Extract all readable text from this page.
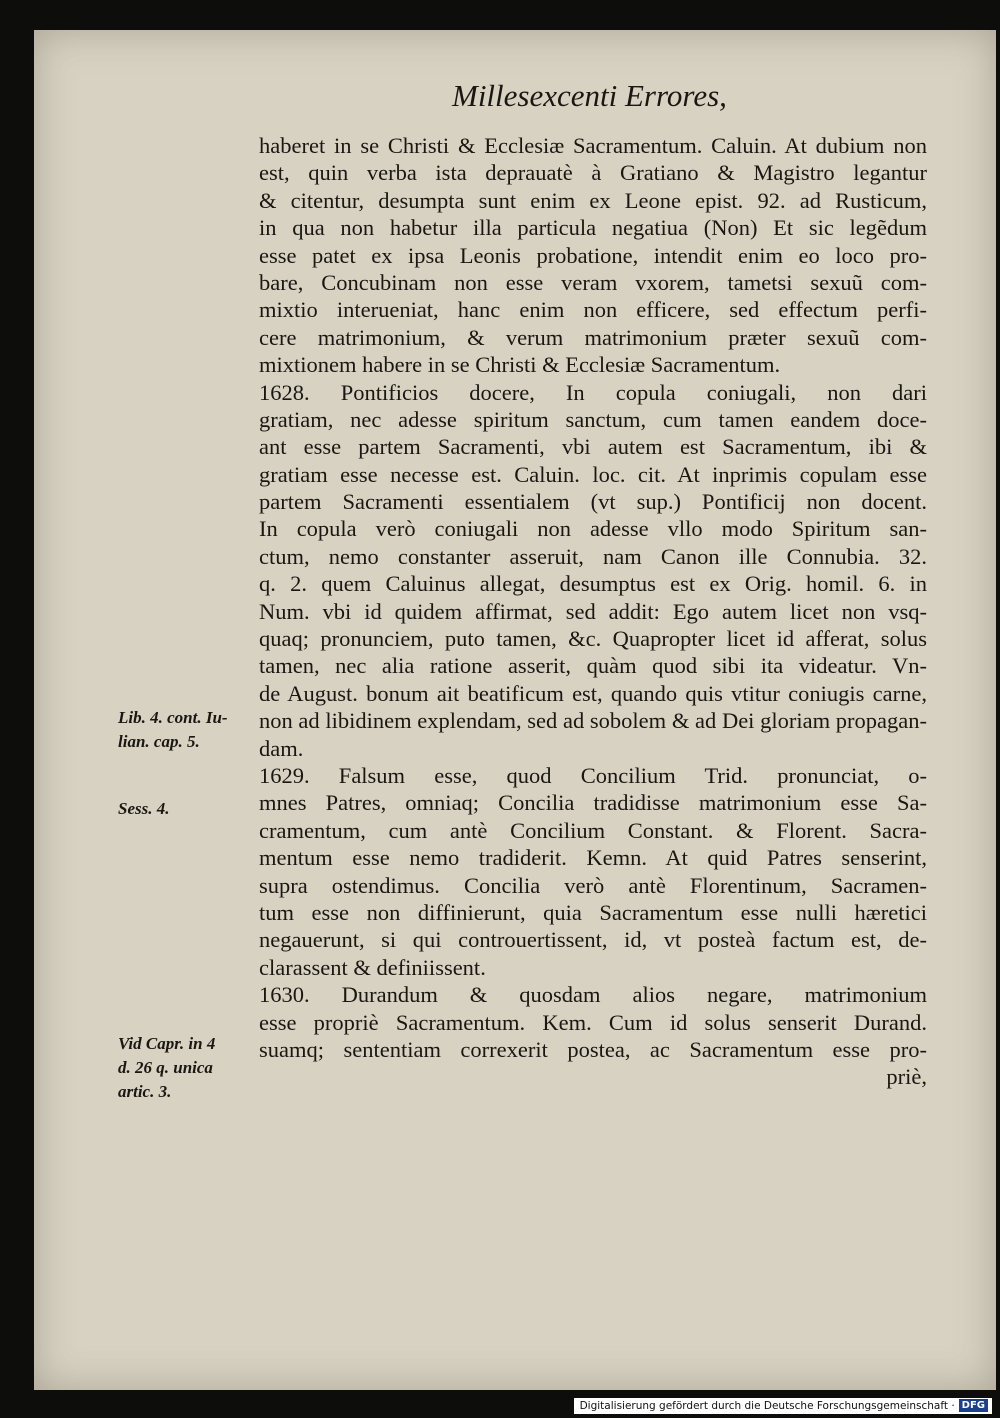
Millesexcenti Errores,
haberet in se Christi & Ecclesiæ Sacramentum. Caluin. At dubium non
est, quin verba ista deprauatè à Gratiano & Magistro legantur
& citentur, desumpta sunt enim ex Leone epist. 92. ad Rusticum,
in qua non habetur illa particula negatiua (Non) Et sic legẽdum
esse patet ex ipsa Leonis probatione, intendit enim eo loco pro-
bare, Concubinam non esse veram vxorem, tametsi sexuũ com-
mixtio interueniat, hanc enim non efficere, sed effectum perfi-
cere matrimonium, & verum matrimonium præter sexuũ com-
mixtionem habere in se Christi & Ecclesiæ Sacramentum.
1628. Pontificios docere, In copula coniugali, non dari
gratiam, nec adesse spiritum sanctum, cum tamen eandem doce-
ant esse partem Sacramenti, vbi autem est Sacramentum, ibi &
gratiam esse necesse est. Caluin. loc. cit. At inprimis copulam esse
partem Sacramenti essentialem (vt sup.) Pontificij non docent.
In copula verò coniugali non adesse vllo modo Spiritum san-
ctum, nemo constanter asseruit, nam Canon ille Connubia. 32.
q. 2. quem Caluinus allegat, desumptus est ex Orig. homil. 6. in
Num. vbi id quidem affirmat, sed addit: Ego autem licet non vsq-
quaq; pronunciem, puto tamen, &c. Quapropter licet id afferat, solus
tamen, nec alia ratione asserit, quàm quod sibi ita videatur. Vn-
de August. bonum ait beatificum est, quando quis vtitur coniugis carne,
non ad libidinem explendam, sed ad sobolem & ad Dei gloriam propagan-
dam.
1629. Falsum esse, quod Concilium Trid. pronunciat, o-
mnes Patres, omniaq; Concilia tradidisse matrimonium esse Sa-
cramentum, cum antè Concilium Constant. & Florent. Sacra-
mentum esse nemo tradiderit. Kemn. At quid Patres senserint,
supra ostendimus. Concilia verò antè Florentinum, Sacramen-
tum esse non diffinierunt, quia Sacramentum esse nulli hæretici
negauerunt, si qui controuertissent, id, vt posteà factum est, de-
clarassent & definiissent.
1630. Durandum & quosdam alios negare, matrimonium
esse propriè Sacramentum. Kem. Cum id solus senserit Durand.
suamq; sententiam correxerit postea, ac Sacramentum esse pro-
priè,
Lib. 4. cont. Iu-
lian. cap. 5.
Sess. 4.
Vid Capr. in 4
d. 26 q. unica
artic. 3.
Digitalisierung gefördert durch die Deutsche Forschungsgemeinschaft · DFG
